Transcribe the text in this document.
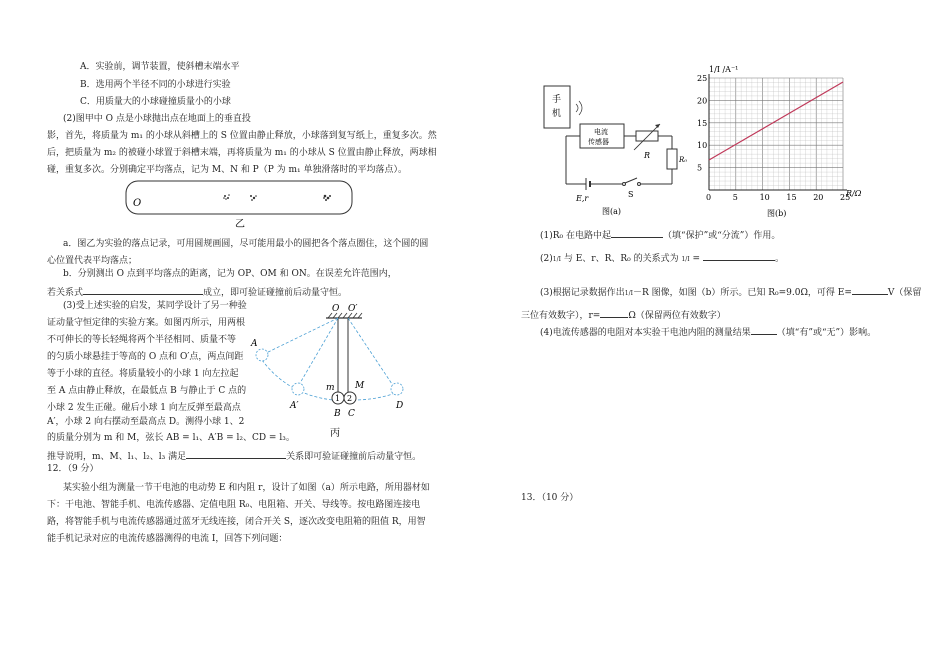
A．实验前，调节装置，使斜槽末端水平
B．选用两个半径不同的小球进行实验
C．用质量大的小球碰撞质量小的小球
(2)图甲中 O 点是小球抛出点在地面上的垂直投
影，首先，将质量为 m₁ 的小球从斜槽上的 S 位置由静止释放，小球落到复写纸上，重复多次。然
后，把质量为 m₂ 的被碰小球置于斜槽末端，再将质量为 m₁ 的小球从 S 位置由静止释放，两球相
碰，重复多次。分别确定平均落点，记为 M、N 和 P（P 为 m₁ 单独滑落时的平均落点）。
O
乙
a．图乙为实验的落点记录，可用圆规画圆，尽可能用最小的圆把各个落点圈住，这个圆的圆
心位置代表平均落点；
b．分别测出 O 点到平均落点的距离，记为 OP、OM 和 ON。在误差允许范围内，
若关系式	成立，即可验证碰撞前后动量守恒。
(3)受上述实验的启发，某同学设计了另一种验
证动量守恒定律的实验方案。如图丙所示，用两根
不可伸长的等长轻绳将两个半径相同、质量不等
的匀质小球悬挂于等高的 O 点和 O′点，两点间距
等于小球的直径。将质量较小的小球 1 向左拉起
至 A 点由静止释放，在最低点 B 与静止于 C 点的
小球 2 发生正碰。碰后小球 1 向左反弹至最高点
A′，小球 2 向右摆动至最高点 D。测得小球 1、2
的质量分别为 m 和 M，弦长 AB = l₁、A′B = l₂、CD = l₃。
推导说明，m、M、l₁、l₂、l₃ 满足	关系即可验证碰撞前后动量守恒。
O O′
1 2
A
A′
m M
B C
D
丙
12．（9 分）
某实验小组为测量一节干电池的电动势 E 和内阻 r，设计了如图（a）所示电路，所用器材如
下：干电池、智能手机、电流传感器、定值电阻 R₀、电阻箱、开关、导线等。按电路图连接电
路，将智能手机与电流传感器通过蓝牙无线连接，闭合开关 S，逐次改变电阻箱的阻值 R，用智
能手机记录对应的电流传感器测得的电流 I，回答下列问题：
手
机
电流
传感器
R	R₀
E,r	S
图(a)
0	5	10 15 20 25
5
10
15
20
25
1/I /A⁻¹
R/Ω
图(b)
(1)R₀ 在电路中起	（填“保护”或“分流”）作用。
(2)1/I 与 E、r、R、R₀ 的关系式为 1/I =	。
(3)根据记录数据作出1/I－R 图像，如图（b）所示。已知 R₀=9.0Ω，可得 E=	V（保留
三位有效数字），r=	Ω（保留两位有效数字）
(4)电流传感器的电阻对本实验干电池内阻的测量结果	（填“有”或“无”）影响。
13．（10 分）
